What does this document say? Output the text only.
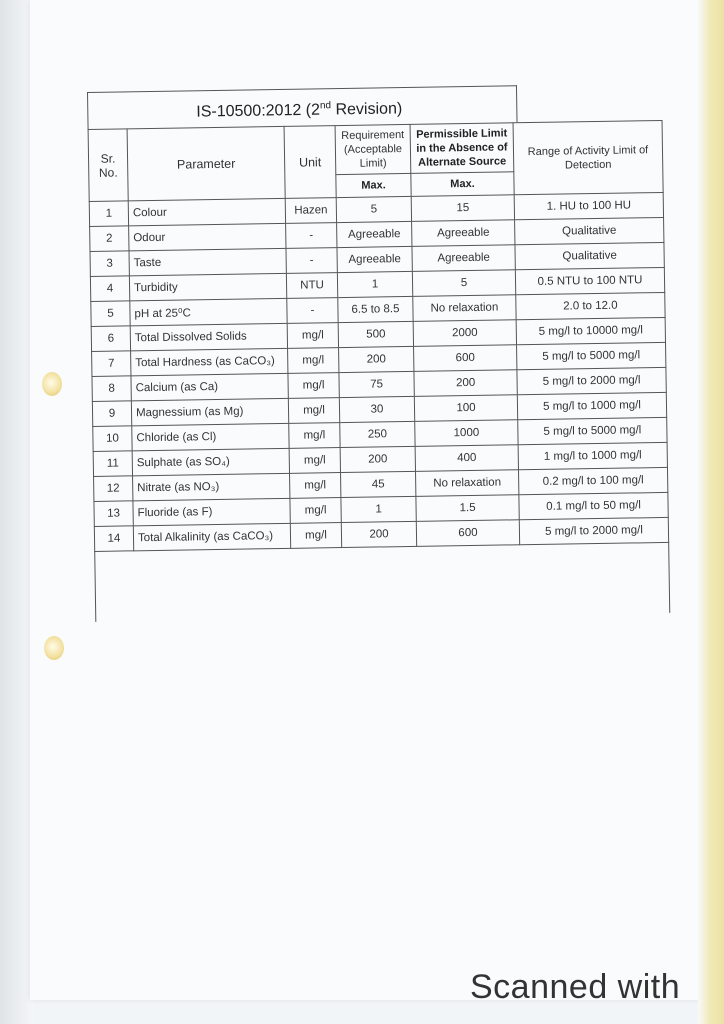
IS-10500:2012 (2nd Revision)
Sr. No.	Parameter	Unit	Requirement (Acceptable Limit)	Permissible Limit in the Absence of Alternate Source	Range of Activity Limit of Detection
			Max.	Max.	
1	Colour	Hazen	5	15	1. HU to 100 HU
2	Odour	-	Agreeable	Agreeable	Qualitative
3	Taste	-	Agreeable	Agreeable	Qualitative
4	Turbidity	NTU	1	5	0.5 NTU to 100 NTU
5	pH at 25⁰C	-	6.5 to 8.5	No relaxation	2.0 to 12.0
6	Total Dissolved Solids	mg/l	500	2000	5 mg/l to 10000 mg/l
7	Total Hardness (as CaCO₃)	mg/l	200	600	5 mg/l to 5000 mg/l
8	Calcium (as Ca)	mg/l	75	200	5 mg/l to 2000 mg/l
9	Magnessium (as Mg)	mg/l	30	100	5 mg/l to 1000 mg/l
10	Chloride (as Cl)	mg/l	250	1000	5 mg/l to 5000 mg/l
11	Sulphate (as SO₄)	mg/l	200	400	1 mg/l to 1000 mg/l
12	Nitrate (as NO₃)	mg/l	45	No relaxation	0.2 mg/l to 100 mg/l
13	Fluoride (as F)	mg/l	1	1.5	0.1 mg/l to 50 mg/l
14	Total Alkalinity (as CaCO₃)	mg/l	200	600	5 mg/l to 2000 mg/l

Scanned with
